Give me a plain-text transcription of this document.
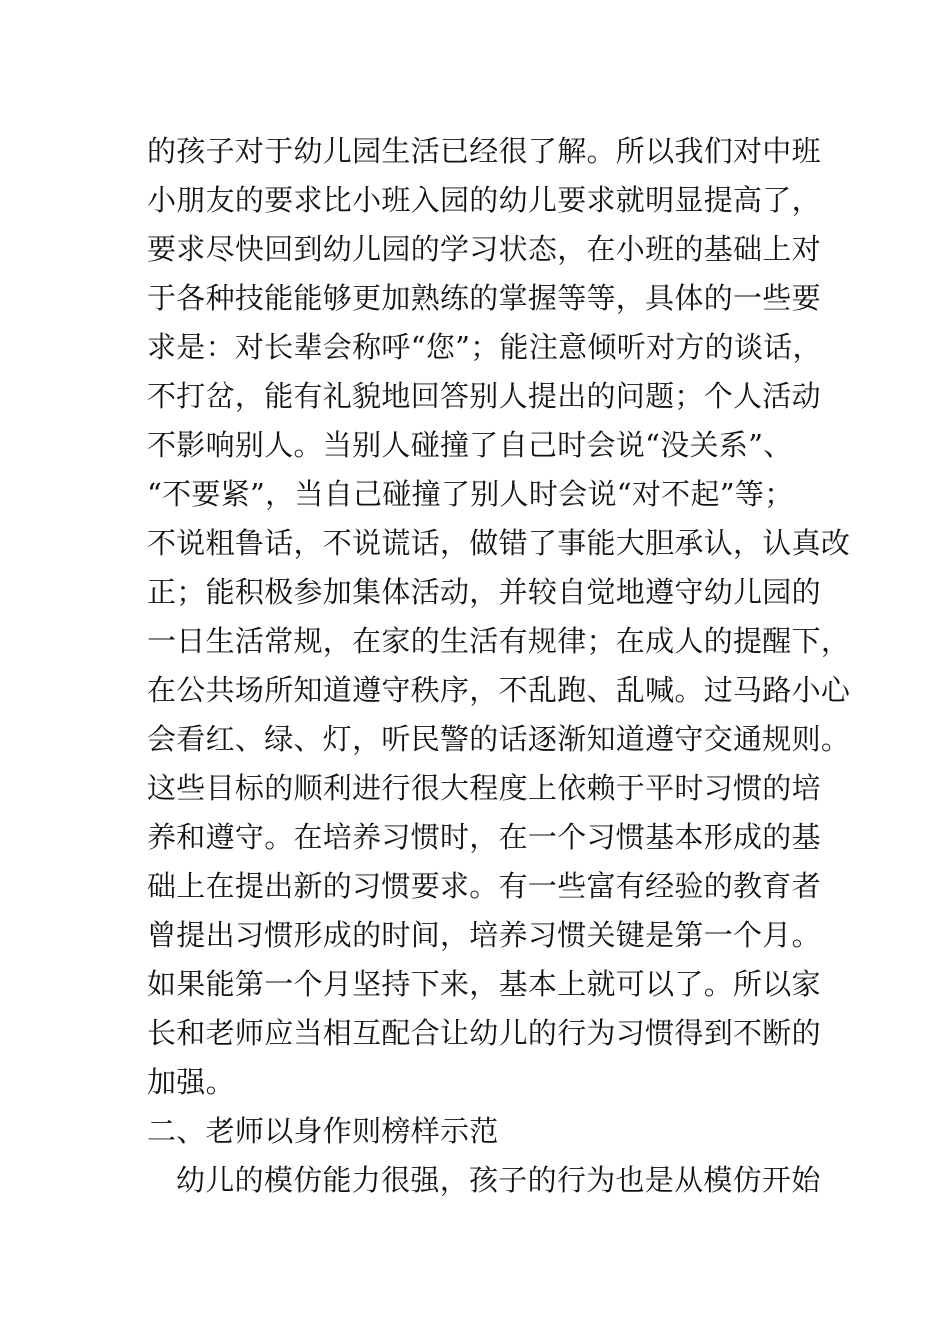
的孩子对于幼儿园生活已经很了解。所以我们对中班
小朋友的要求比小班入园的幼儿要求就明显提高了，
要求尽快回到幼儿园的学习状态，在小班的基础上对
于各种技能能够更加熟练的掌握等等，具体的一些要
求是：对长辈会称呼“您”；能注意倾听对方的谈话，
不打岔，能有礼貌地回答别人提出的问题；个人活动
不影响别人。当别人碰撞了自己时会说“没关系”、
“不要紧”，当自己碰撞了别人时会说“对不起”等；
不说粗鲁话，不说谎话，做错了事能大胆承认，认真改
正；能积极参加集体活动，并较自觉地遵守幼儿园的
一日生活常规，在家的生活有规律；在成人的提醒下，
在公共场所知道遵守秩序，不乱跑、乱喊。过马路小心
会看红、绿、灯，听民警的话逐渐知道遵守交通规则。
这些目标的顺利进行很大程度上依赖于平时习惯的培
养和遵守。在培养习惯时，在一个习惯基本形成的基
础上在提出新的习惯要求。有一些富有经验的教育者
曾提出习惯形成的时间，培养习惯关键是第一个月。
如果能第一个月坚持下来，基本上就可以了。所以家
长和老师应当相互配合让幼儿的行为习惯得到不断的
加强。
二、老师以身作则榜样示范
幼儿的模仿能力很强，孩子的行为也是从模仿开始
